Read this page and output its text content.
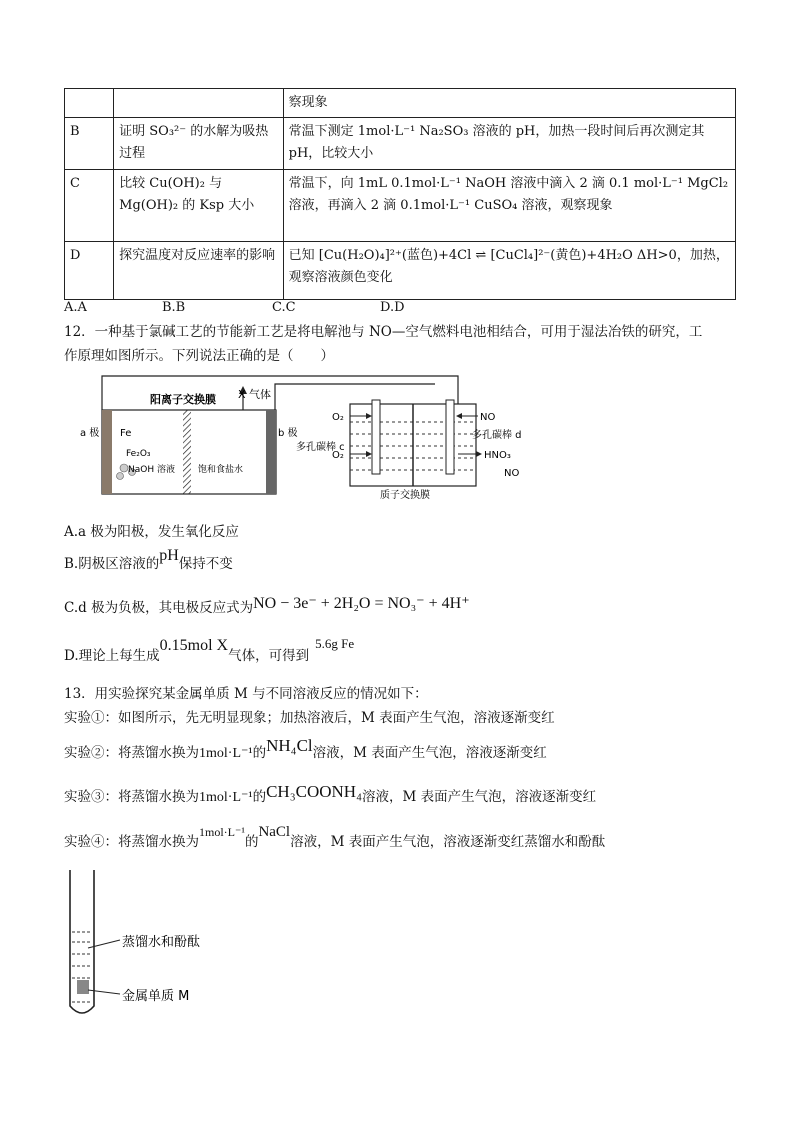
		察现象
B	证明 SO₃²⁻ 的水解为吸热过程	常温下测定 1mol·L⁻¹ Na₂SO₃ 溶液的 pH，加热一段时间后再次测定其 pH，比较大小
C	比较 Cu(OH)₂ 与 Mg(OH)₂ 的 Ksp 大小	常温下，向 1mL 0.1mol·L⁻¹ NaOH 溶液中滴入 2 滴 0.1 mol·L⁻¹ MgCl₂ 溶液，再滴入 2 滴 0.1mol·L⁻¹ CuSO₄ 溶液，观察现象
D	探究温度对反应速率的影响	已知 [Cu(H₂O)₄]²⁺(蓝色)+4Cl ⇌ [CuCl₄]²⁻(黄色)+4H₂O ΔH>0，加热，观察溶液颜色变化
A.A	B.B	C.C	D.D
12．一种基于氯碱工艺的节能新工艺是将电解池与 NO—空气燃料电池相结合，可用于湿法冶铁的研究，工
作原理如图所示。下列说法正确的是（　　）
阳离子交换膜 X 气体
a 极 Fe
Fe₂O₃
NaOH 溶液	饱和食盐水
b 极
O₂
多孔碳棒 c
O₂
质子交换膜
NO
多孔碳棒 d
HNO₃
NO
A.a 极为阳极，发生氧化反应
B.阴极区溶液的pH保持不变
C.d 极为负极，其电极反应式为NO − 3e⁻ + 2H₂O = NO₃⁻ + 4H⁺
D.理论上每生成0.15mol X气体，可得到5.6g Fe
13．用实验探究某金属单质 M 与不同溶液反应的情况如下：
实验①：如图所示，先无明显现象；加热溶液后，M 表面产生气泡，溶液逐渐变红
实验②：将蒸馏水换为1mol·L⁻¹的NH₄Cl溶液，M 表面产生气泡，溶液逐渐变红
实验③：将蒸馏水换为1mol·L⁻¹的CH₃COONH₄溶液，M 表面产生气泡，溶液逐渐变红
实验④：将蒸馏水换为1mol·L⁻¹的NaCl溶液，M 表面产生气泡，溶液逐渐变红蒸馏水和酚酞
蒸馏水和酚酞
金属单质 M
